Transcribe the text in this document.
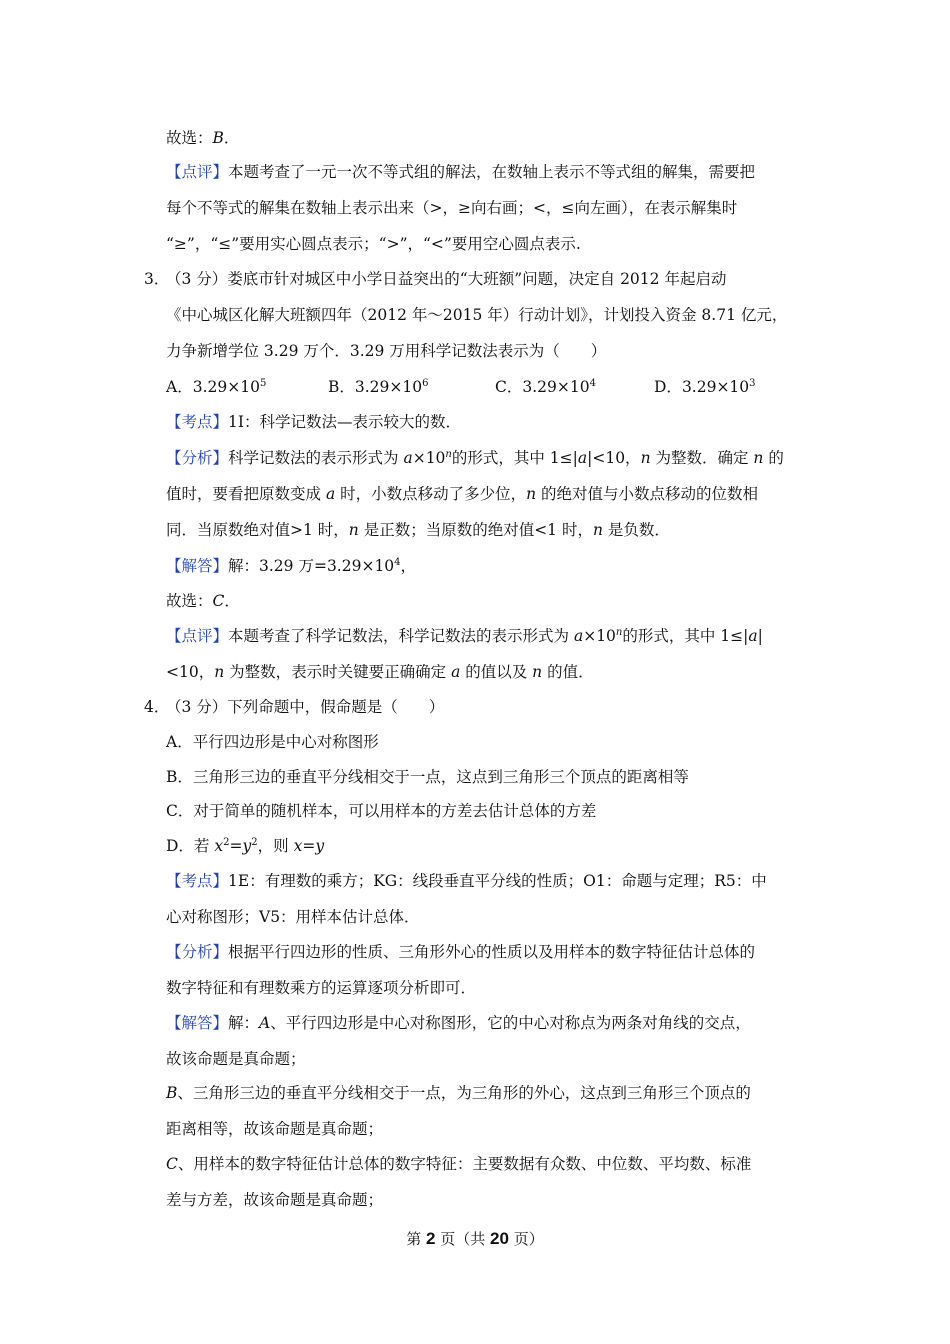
故选：B．
【点评】本题考查了一元一次不等式组的解法，在数轴上表示不等式组的解集，需要把
每个不等式的解集在数轴上表示出来（>，≥向右画；<，≤向左画），在表示解集时
“≥”，“≤”要用实心圆点表示；“>”，“<”要用空心圆点表示.
3．
（3 分）娄底市针对城区中小学日益突出的“大班额”问题，决定自 2012 年起启动
《中心城区化解大班额四年（2012 年～2015 年）行动计划》，计划投入资金 8.71 亿元，
力争新增学位 3.29 万个．3.29 万用科学记数法表示为（　　）
A．$3.29\times 10^5$	B．$3.29\times 10^6$	C．$3.29\times 10^4$	D．$3.29\times 10^3$
【考点】1I：科学记数法—表示较大的数．
【分析】科学记数法的表示形式为 $a\times 10^n$的形式，其中 1≤|a|<10，n 为整数．确定 n 的
值时，要看把原数变成 a 时，小数点移动了多少位，n 的绝对值与小数点移动的位数相
同．当原数绝对值>1 时，n 是正数；当原数的绝对值<1 时，n 是负数．
【解答】解：3.29 万$=3.29\times 10^4$，
故选：C．
【点评】本题考查了科学记数法，科学记数法的表示形式为 $a\times 10^n$的形式，其中 1≤|a|
<10，n 为整数，表示时关键要正确确定 a 的值以及 n 的值．
4．
（3 分）下列命题中，假命题是（　　）
A．平行四边形是中心对称图形
B．三角形三边的垂直平分线相交于一点，这点到三角形三个顶点的距离相等
C．对于简单的随机样本，可以用样本的方差去估计总体的方差
D．若 $x^2=y^2$，则 x=y
【考点】1E：有理数的乘方；KG：线段垂直平分线的性质；O1：命题与定理；R5：中
心对称图形；V5：用样本估计总体．
【分析】根据平行四边形的性质、三角形外心的性质以及用样本的数字特征估计总体的
数字特征和有理数乘方的运算逐项分析即可．
【解答】解：A、平行四边形是中心对称图形，它的中心对称点为两条对角线的交点，
故该命题是真命题；
B、三角形三边的垂直平分线相交于一点，为三角形的外心，这点到三角形三个顶点的
距离相等，故该命题是真命题；
C、用样本的数字特征估计总体的数字特征：主要数据有众数、中位数、平均数、标准
差与方差，故该命题是真命题；
第 2 页（共 20 页）
